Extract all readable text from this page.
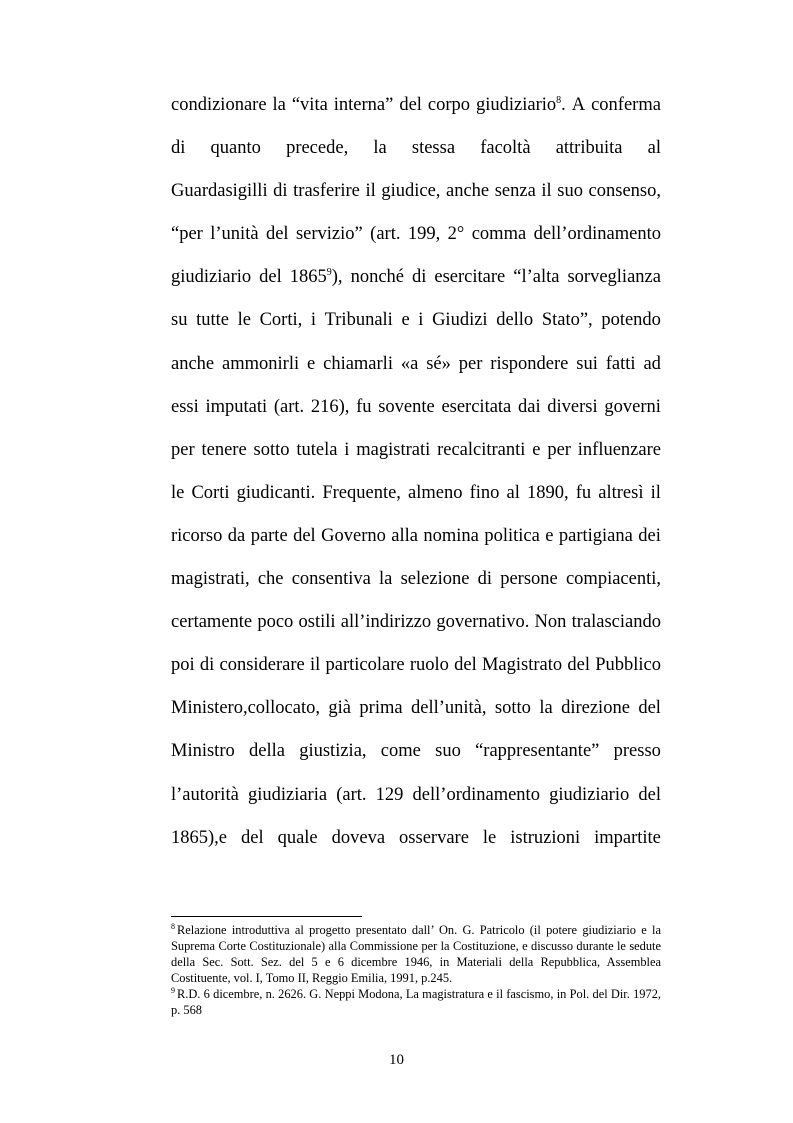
condizionare la “vita interna” del corpo giudiziario$^8$. A conferma
di quanto precede, la stessa facoltà attribuita al
Guardasigilli di trasferire il giudice, anche senza il suo consenso,
“per l’unità del servizio” (art. 199, 2° comma dell’ordinamento
giudiziario del 1865$^9$), nonché di esercitare “l’alta sorveglianza
su tutte le Corti, i Tribunali e i Giudizi dello Stato”, potendo
anche ammonirli e chiamarli «a sé» per rispondere sui fatti ad
essi imputati (art. 216), fu sovente esercitata dai diversi governi
per tenere sotto tutela i magistrati recalcitranti e per influenzare
le Corti giudicanti. Frequente, almeno fino al 1890, fu altresì il
ricorso da parte del Governo alla nomina politica e partigiana dei
magistrati, che consentiva la selezione di persone compiacenti,
certamente poco ostili all’indirizzo governativo. Non tralasciando
poi di considerare il particolare ruolo del Magistrato del Pubblico
Ministero,collocato, già prima dell’unità, sotto la direzione del
Ministro della giustizia, come suo “rappresentante” presso
l’autorità giudiziaria (art. 129 dell’ordinamento giudiziario del
1865),e del quale doveva osservare le istruzioni impartite
$^8$ Relazione introduttiva al progetto presentato dall’ On. G. Patricolo (il potere giudiziario e la Suprema Corte Costituzionale) alla Commissione per la Costituzione, e discusso durante le sedute della Sec. Sott. Sez. del 5 e 6 dicembre 1946, in Materiali della Repubblica, Assemblea Costituente, vol. I, Tomo II, Reggio Emilia, 1991, p.245.
$^9$ R.D. 6 dicembre, n. 2626. G. Neppi Modona, La magistratura e il fascismo, in Pol. del Dir. 1972, p. 568
10
